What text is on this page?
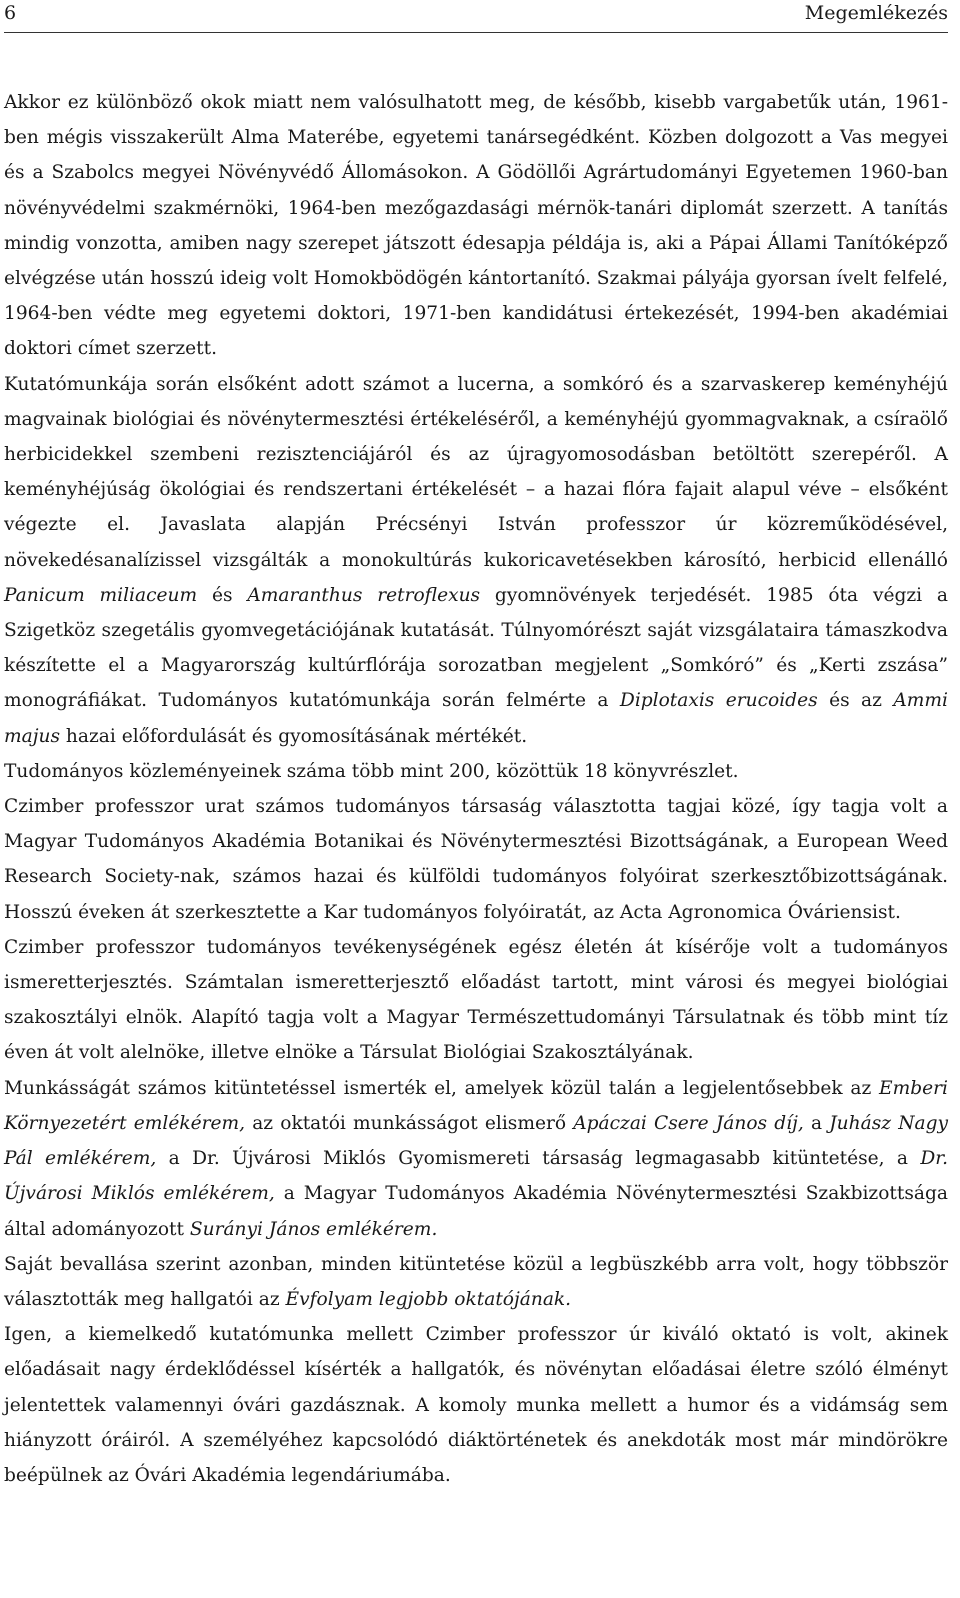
6	Megemlékezés

Akkor ez különböző okok miatt nem valósulhatott meg, de később, kisebb vargabetűk után, 1961-ben mégis visszakerült Alma Materébe, egyetemi tanársegédként. Közben dolgozott a Vas megyei és a Szabolcs megyei Növényvédő Állomásokon. A Gödöllői Agrártudományi Egyetemen 1960-ban növényvédelmi szakmérnöki, 1964-ben mezőgazdasági mérnök-tanári diplomát szerzett. A tanítás mindig vonzotta, amiben nagy szerepet játszott édesapja példája is, aki a Pápai Állami Tanítóképző elvégzése után hosszú ideig volt Homokbödögén kántortanító. Szakmai pályája gyorsan ívelt felfelé, 1964-ben védte meg egyetemi doktori, 1971-ben kandidátusi értekezését, 1994-ben akadémiai doktori címet szerzett.

Kutatómunkája során elsőként adott számot a lucerna, a somkóró és a szarvaskerep keményhéjú magvainak biológiai és növénytermesztési értékeléséről, a keményhéjú gyommagvaknak, a csíraölő herbicidekkel szembeni rezisztenciájáról és az újragyomosodásban betöltött szerepéről. A keményhéjúság ökológiai és rendszertani értékelését – a hazai flóra fajait alapul véve – elsőként végezte el. Javaslata alapján Précsényi István professzor úr közreműködésével, növekedésanalízissel vizsgálták a monokultúrás kukoricavetésekben károsító, herbicid ellenálló Panicum miliaceum és Amaranthus retroflexus gyomnövények terjedését. 1985 óta végzi a Szigetköz szegetális gyomvegetációjának kutatását. Túlnyomórészt saját vizsgálataira támaszkodva készítette el a Magyarország kultúrflórája sorozatban megjelent „Somkóró” és „Kerti zszása” monográfiákat. Tudományos kutatómunkája során felmérte a Diplotaxis erucoides és az Ammi majus hazai előfordulását és gyomosításának mértékét.

Tudományos közleményeinek száma több mint 200, közöttük 18 könyvrészlet.

Czimber professzor urat számos tudományos társaság választotta tagjai közé, így tagja volt a Magyar Tudományos Akadémia Botanikai és Növénytermesztési Bizottságának, a European Weed Research Society-nak, számos hazai és külföldi tudományos folyóirat szerkesztőbizottságának. Hosszú éveken át szerkesztette a Kar tudományos folyóiratát, az Acta Agronomica Óváriensist.

Czimber professzor tudományos tevékenységének egész életén át kísérője volt a tudományos ismeretterjesztés. Számtalan ismeretterjesztő előadást tartott, mint városi és megyei biológiai szakosztályi elnök. Alapító tagja volt a Magyar Természettudományi Társulatnak és több mint tíz éven át volt alelnöke, illetve elnöke a Társulat Biológiai Szakosztályának.

Munkásságát számos kitüntetéssel ismerték el, amelyek közül talán a legjelentősebbek az Emberi Környezetért emlékérem, az oktatói munkásságot elismerő Apáczai Csere János díj, a Juhász Nagy Pál emlékérem, a Dr. Újvárosi Miklós Gyomismereti társaság legmagasabb kitüntetése, a Dr. Újvárosi Miklós emlékérem, a Magyar Tudományos Akadémia Növénytermesztési Szakbizottsága által adományozott Surányi János emlékérem.

Saját bevallása szerint azonban, minden kitüntetése közül a legbüszkébb arra volt, hogy többször választották meg hallgatói az Évfolyam legjobb oktatójának.

Igen, a kiemelkedő kutatómunka mellett Czimber professzor úr kiváló oktató is volt, akinek előadásait nagy érdeklődéssel kísérték a hallgatók, és növénytan előadásai életre szóló élményt jelentettek valamennyi óvári gazdásznak. A komoly munka mellett a humor és a vidámság sem hiányzott óráiról. A személyéhez kapcsolódó diáktörténetek és anekdoták most már mindörökre beépülnek az Óvári Akadémia legendáriumába.
